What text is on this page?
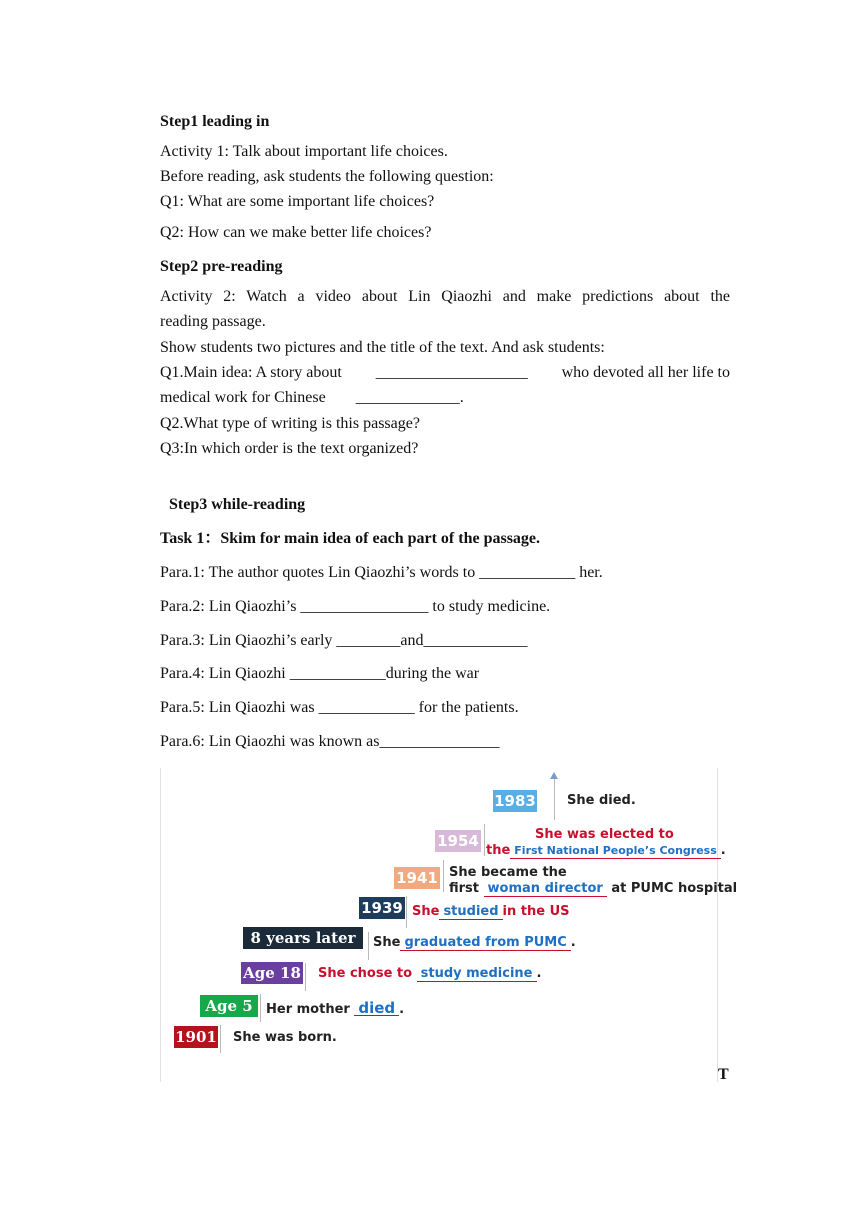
Step1 leading in
Activity 1: Talk about important life choices.
Before reading, ask students the following question:
Q1: What are some important life choices?
Q2: How can we make better life choices?
Step2 pre-reading
Activity 2: Watch a video about Lin Qiaozhi and make predictions about the
reading passage.
Show students two pictures and the title of the text. And ask students:
Q1.Main idea: A story about ___________________ who devoted all her life to
medical work for Chinese _____________.
Q2.What type of writing is this passage?
Q3:In which order is the text organized?
Step3 while-reading
Task 1：Skim for main idea of each part of the passage.
Para.1: The author quotes Lin Qiaozhi’s words to ____________ her.
Para.2: Lin Qiaozhi’s ________________ to study medicine.
Para.3: Lin Qiaozhi’s early ________and_____________
Para.4: Lin Qiaozhi ____________during the war
Para.5: Lin Qiaozhi was ____________ for the patients.
Para.6: Lin Qiaozhi was known as_______________
1901 She was born.
Age 5	Her mother died .
Age 18 She chose to study medicine .
8 years later	She graduated from PUMC .
1939 She studied in the US
1941 She became the
first woman director at PUMC hospital
1954	She was elected to
the First National People’s Congress .
1983 She died.
T
